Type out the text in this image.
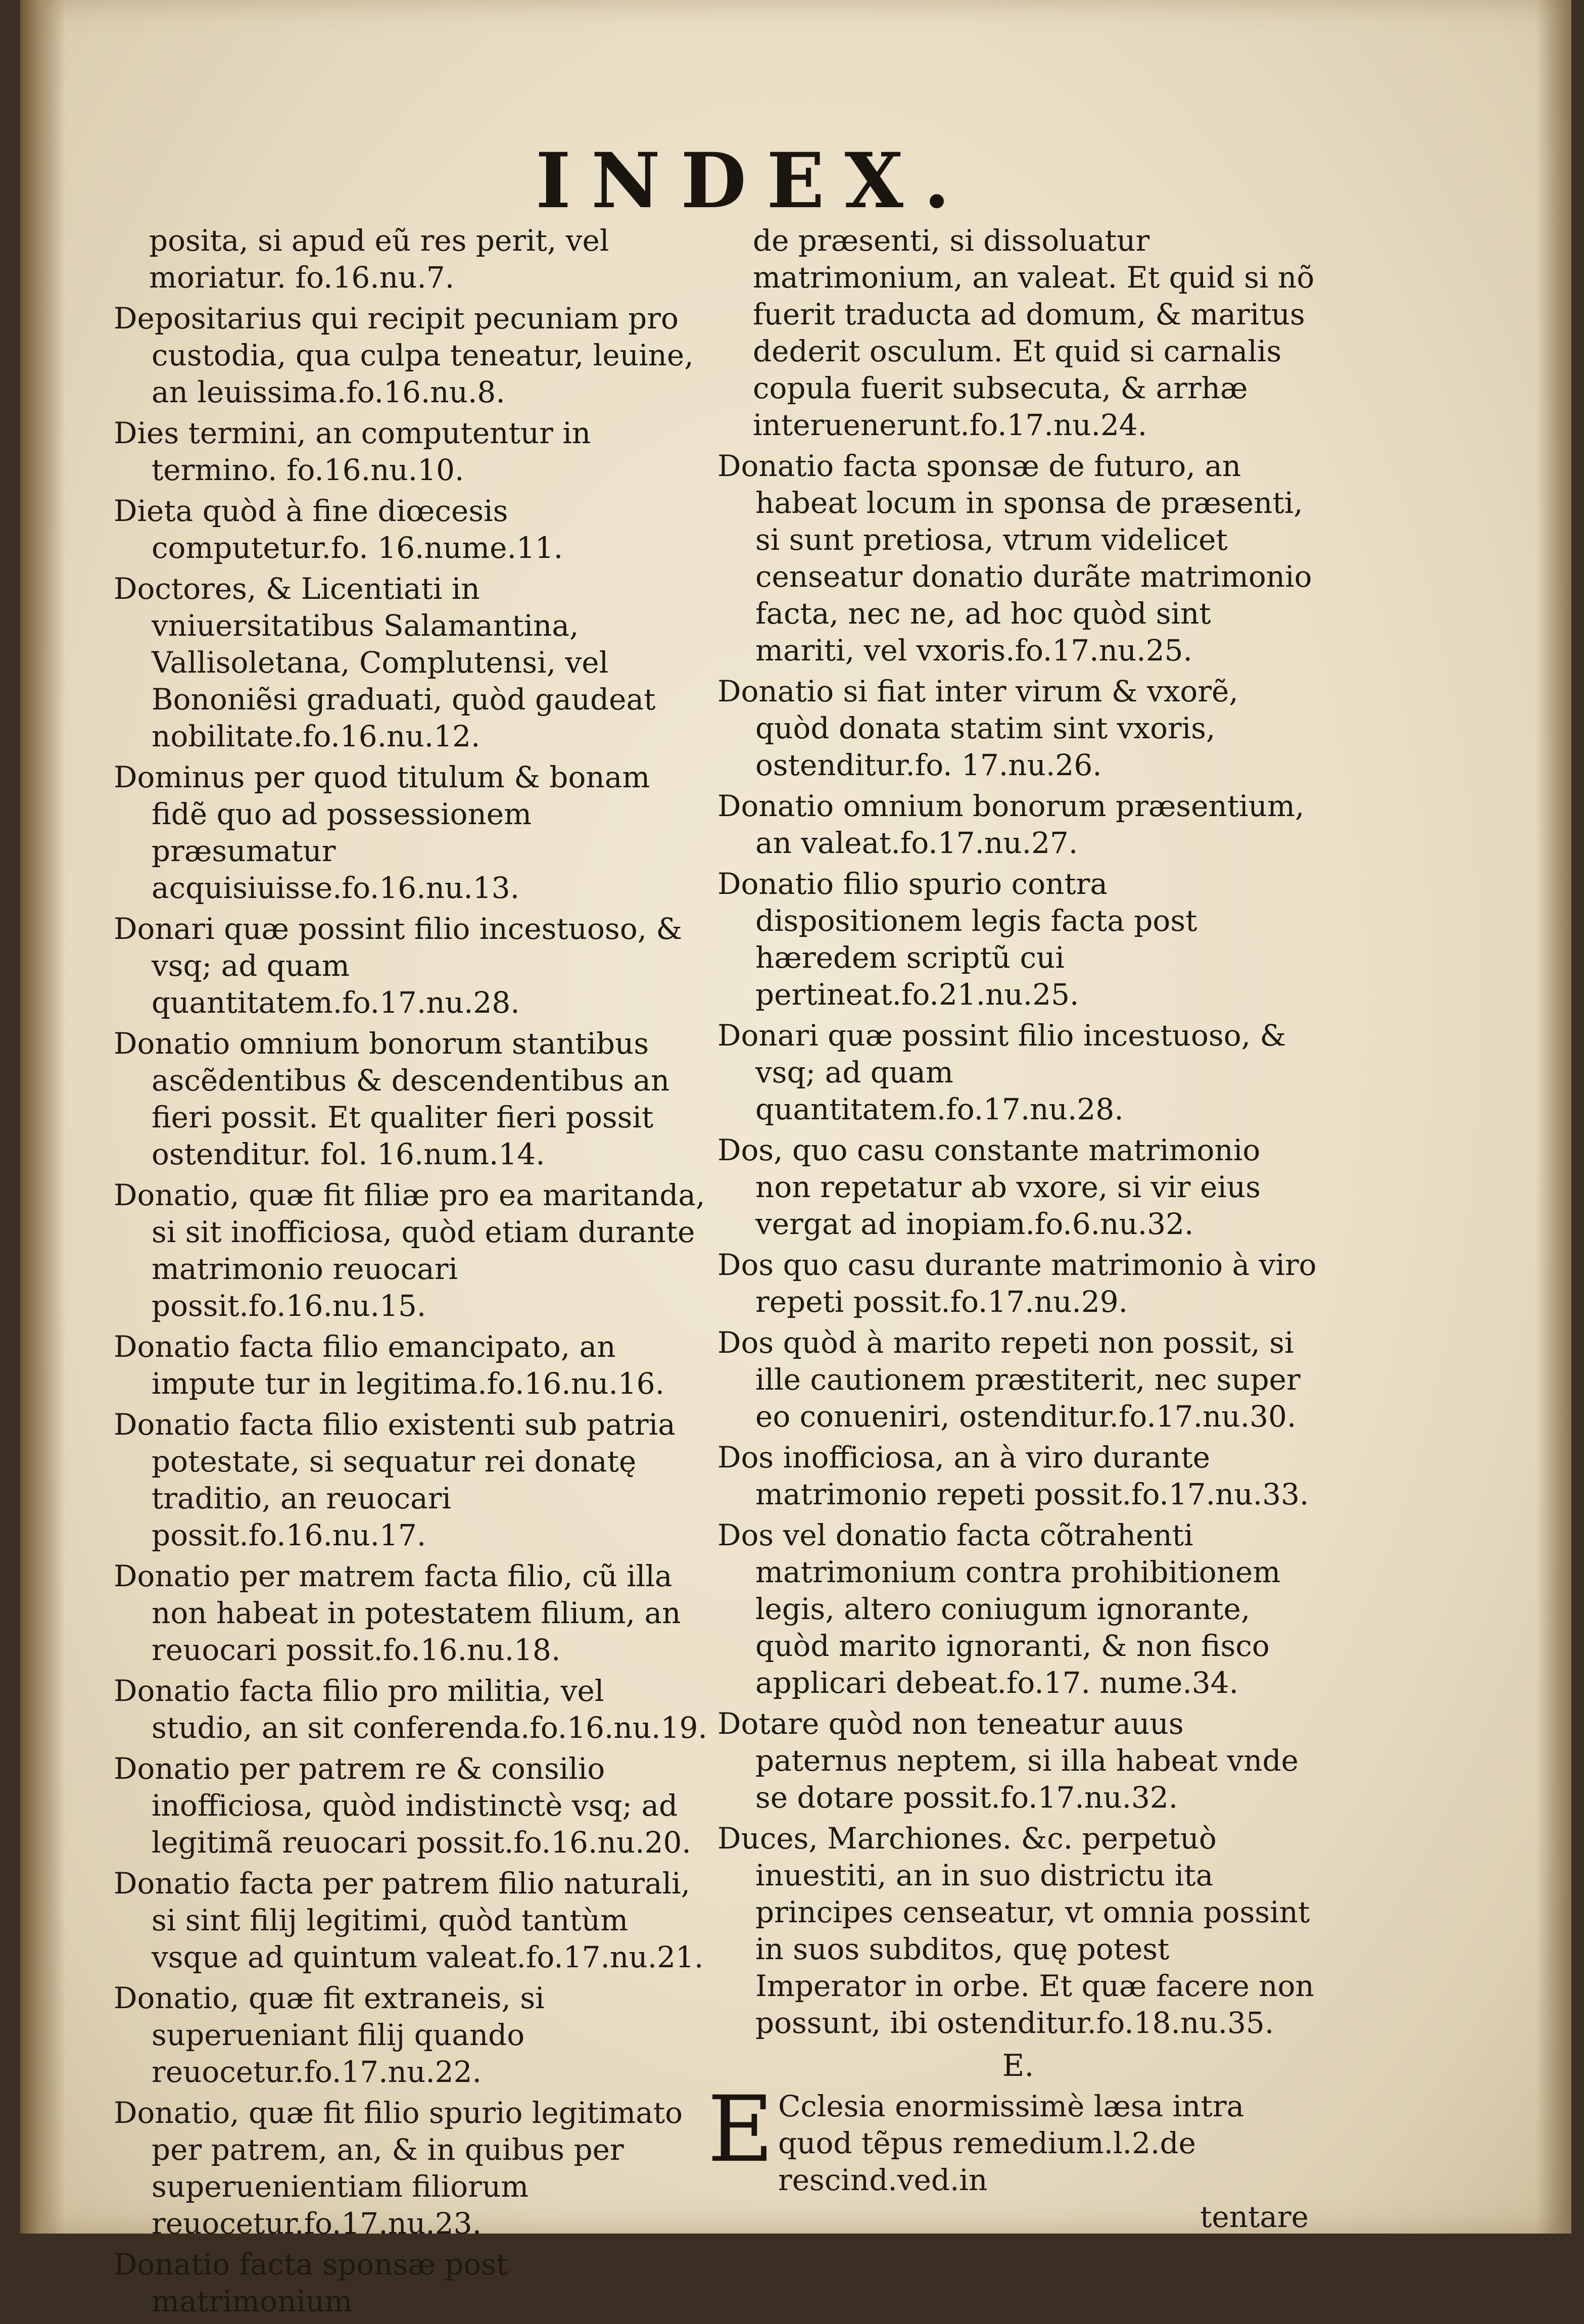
INDEX.

posita, si apud eũ res perit, vel moriatur. fo.16.nu.7.

Depositarius qui recipit pecuniam pro custodia, qua culpa teneatur, leuine, an leuissima.fo.16.nu.8.

Dies termini, an computentur in termino. fo.16.nu.10.

Dieta quòd à fine diœcesis computetur.fo. 16.nume.11.

Doctores, & Licentiati in vniuersitatibus Salamantina, Vallisoletana, Complutensi, vel Bononiẽsi graduati, quòd gaudeat nobilitate.fo.16.nu.12.

Dominus per quod titulum & bonam fidẽ quo ad possessionem præsumatur acquisiuisse.fo.16.nu.13.

Donari quæ possint filio incestuoso, & vsq; ad quam quantitatem.fo.17.nu.28.

Donatio omnium bonorum stantibus ascẽdentibus & descendentibus an fieri possit. Et qualiter fieri possit ostenditur. fol. 16.num.14.

Donatio, quæ fit filiæ pro ea maritanda, si sit inofficiosa, quòd etiam durante matrimonio reuocari possit.fo.16.nu.15.

Donatio facta filio emancipato, an impute tur in legitima.fo.16.nu.16.

Donatio facta filio existenti sub patria potestate, si sequatur rei donatę traditio, an reuocari possit.fo.16.nu.17.

Donatio per matrem facta filio, cũ illa non habeat in potestatem filium, an reuocari possit.fo.16.nu.18.

Donatio facta filio pro militia, vel studio, an sit conferenda.fo.16.nu.19.

Donatio per patrem re & consilio inofficiosa, quòd indistinctè vsq; ad legitimã reuocari possit.fo.16.nu.20.

Donatio facta per patrem filio naturali, si sint filij legitimi, quòd tantùm vsque ad quintum valeat.fo.17.nu.21.

Donatio, quæ fit extraneis, si superueniant filij quando reuocetur.fo.17.nu.22.

Donatio, quæ fit filio spurio legitimato per patrem, an, & in quibus per superuenientiam filiorum reuocetur.fo.17.nu.23.

Donatio facta sponsæ post matrimonium

de præsenti, si dissoluatur matrimonium, an valeat. Et quid si nõ fuerit traducta ad domum, & maritus dederit osculum. Et quid si carnalis copula fuerit subsecuta, & arrhæ interuenerunt.fo.17.nu.24.

Donatio facta sponsæ de futuro, an habeat locum in sponsa de præsenti, si sunt pretiosa, vtrum videlicet censeatur donatio durãte matrimonio facta, nec ne, ad hoc quòd sint mariti, vel vxoris.fo.17.nu.25.

Donatio si fiat inter virum & vxorẽ, quòd donata statim sint vxoris, ostenditur.fo. 17.nu.26.

Donatio omnium bonorum præsentium, an valeat.fo.17.nu.27.

Donatio filio spurio contra dispositionem legis facta post hæredem scriptũ cui pertineat.fo.21.nu.25.

Donari quæ possint filio incestuoso, & vsq; ad quam quantitatem.fo.17.nu.28.

Dos, quo casu constante matrimonio non repetatur ab vxore, si vir eius vergat ad inopiam.fo.6.nu.32.

Dos quo casu durante matrimonio à viro repeti possit.fo.17.nu.29.

Dos quòd à marito repeti non possit, si ille cautionem præstiterit, nec super eo conueniri, ostenditur.fo.17.nu.30.

Dos inofficiosa, an à viro durante matrimonio repeti possit.fo.17.nu.33.

Dos vel donatio facta cõtrahenti matrimonium contra prohibitionem legis, altero coniugum ignorante, quòd marito ignoranti, & non fisco applicari debeat.fo.17. nume.34.

Dotare quòd non teneatur auus paternus neptem, si illa habeat vnde se dotare possit.fo.17.nu.32.

Duces, Marchiones. &c. perpetuò inuestiti, an in suo districtu ita principes censeatur, vt omnia possint in suos subditos, quę potest Imperator in orbe. Et quæ facere non possunt, ibi ostenditur.fo.18.nu.35.

E.
E Cclesia enormissimè læsa intra quod tẽpus remedium.l.2.de rescind.ved.in
tentare
